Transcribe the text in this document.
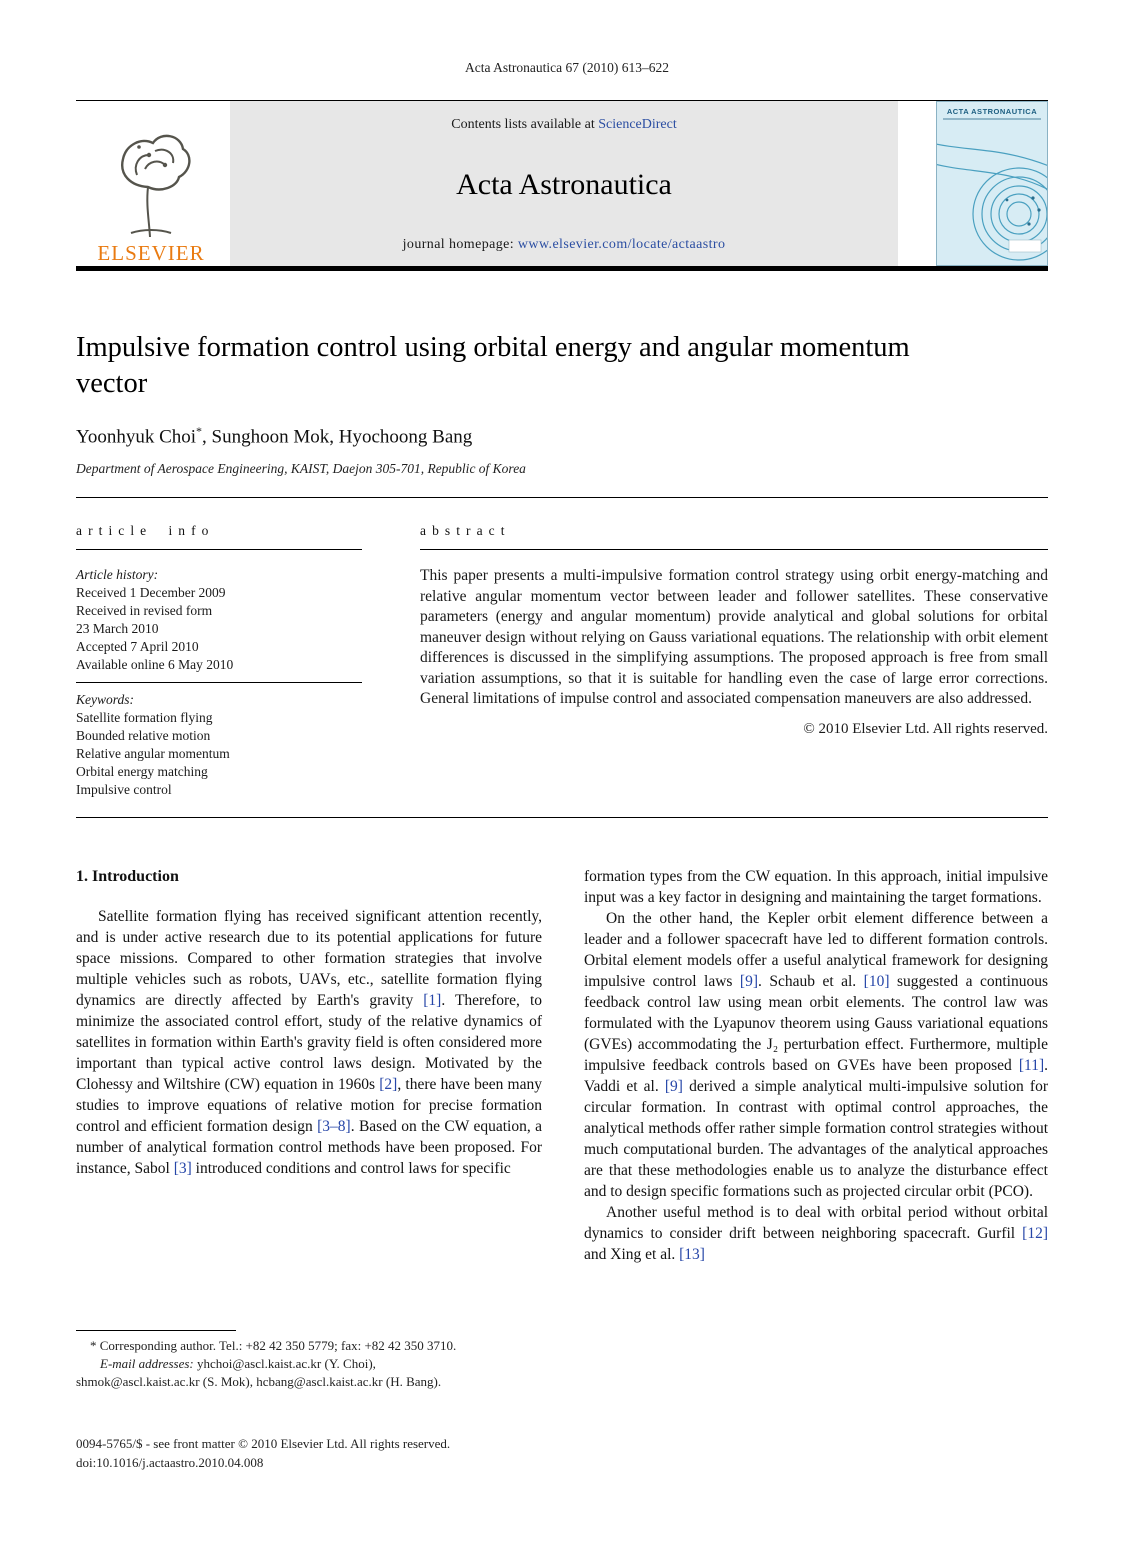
Acta Astronautica 67 (2010) 613–622
ELSEVIER
Contents lists available at ScienceDirect
Acta Astronautica
journal homepage: www.elsevier.com/locate/actaastro
ACTA ASTRONAUTICA
Impulsive formation control using orbital energy and angular momentum vector
Yoonhyuk Choi*, Sunghoon Mok, Hyochoong Bang
Department of Aerospace Engineering, KAIST, Daejon 305-701, Republic of Korea
article info	abstract
Article history:
Received 1 December 2009
Received in revised form
23 March 2010
Accepted 7 April 2010
Available online 6 May 2010
Keywords:
Satellite formation flying
Bounded relative motion
Relative angular momentum
Orbital energy matching
Impulsive control
This paper presents a multi-impulsive formation control strategy using orbit energy-matching and relative angular momentum vector between leader and follower satellites. These conservative parameters (energy and angular momentum) provide analytical and global solutions for orbital maneuver design without relying on Gauss variational equations. The relationship with orbit element differences is discussed in the simplifying assumptions. The proposed approach is free from small variation assumptions, so that it is suitable for handling even the case of large error corrections. General limitations of impulse control and associated compensation maneuvers are also addressed.
© 2010 Elsevier Ltd. All rights reserved.
1. Introduction

Satellite formation flying has received significant attention recently, and is under active research due to its potential applications for future space missions. Compared to other formation strategies that involve multiple vehicles such as robots, UAVs, etc., satellite formation flying dynamics are directly affected by Earth's gravity [1]. Therefore, to minimize the associated control effort, study of the relative dynamics of satellites in formation within Earth's gravity field is often considered more important than typical active control laws design. Motivated by the Clohessy and Wiltshire (CW) equation in 1960s [2], there have been many studies to improve equations of relative motion for precise formation control and efficient formation design [3–8]. Based on the CW equation, a number of analytical formation control methods have been proposed. For instance, Sabol [3] introduced conditions and control laws for specific

formation types from the CW equation. In this approach, initial impulsive input was a key factor in designing and maintaining the target formations.

On the other hand, the Kepler orbit element difference between a leader and a follower spacecraft have led to different formation controls. Orbital element models offer a useful analytical framework for designing impulsive control laws [9]. Schaub et al. [10] suggested a continuous feedback control law using mean orbit elements. The control law was formulated with the Lyapunov theorem using Gauss variational equations (GVEs) accommodating the J₂ perturbation effect. Furthermore, multiple impulsive feedback controls based on GVEs have been proposed [11]. Vaddi et al. [9] derived a simple analytical multi-impulsive solution for circular formation. In contrast with optimal control approaches, the analytical methods offer rather simple formation control strategies without much computational burden. The advantages of the analytical approaches are that these methodologies enable us to analyze the disturbance effect and to design specific formations such as projected circular orbit (PCO).

Another useful method is to deal with orbital period without orbital dynamics to consider drift between neighboring spacecraft. Gurfil [12] and Xing et al. [13]

* Corresponding author. Tel.: +82 42 350 5779; fax: +82 42 350 3710.
E-mail addresses: yhchoi@ascl.kaist.ac.kr (Y. Choi),
shmok@ascl.kaist.ac.kr (S. Mok), hcbang@ascl.kaist.ac.kr (H. Bang).
0094-5765/$ - see front matter © 2010 Elsevier Ltd. All rights reserved.
doi:10.1016/j.actaastro.2010.04.008
